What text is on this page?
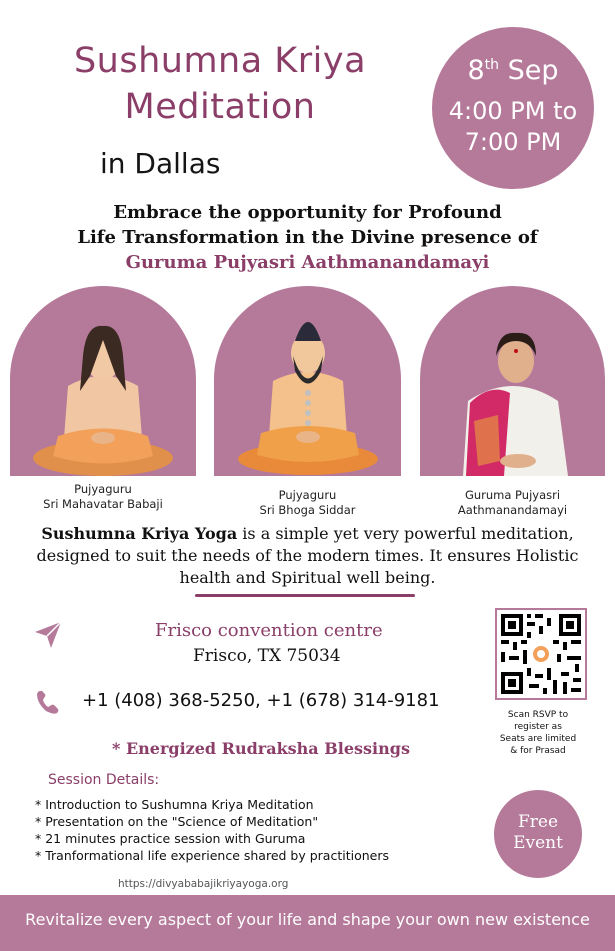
Sushumna Kriya
Meditation
in Dallas
8th Sep
4:00 PM to
7:00 PM
Embrace the opportunity for Profound
Life Transformation in the Divine presence of
Guruma Pujyasri Aathmanandamayi
Pujyaguru
Sri Mahavatar Babaji
Pujyaguru
Sri Bhoga Siddar
Guruma Pujyasri
Aathmanandamayi
Sushumna Kriya Yoga is a simple yet very powerful meditation, designed to suit the needs of the modern times. It ensures Holistic health and Spiritual well being.
Frisco convention centre
Frisco, TX 75034
+1 (408) 368-5250, +1 (678) 314-9181
Scan RSVP to
register as
Seats are limited
& for Prasad
* Energized Rudraksha Blessings
Session Details:
* Introduction to Sushumna Kriya Meditation
* Presentation on the "Science of Meditation"
* 21 minutes practice session with Guruma
* Tranformational life experience shared by practitioners
Free
Event
https://divyababajikriyayoga.org
Revitalize every aspect of your life and shape your own new existence
